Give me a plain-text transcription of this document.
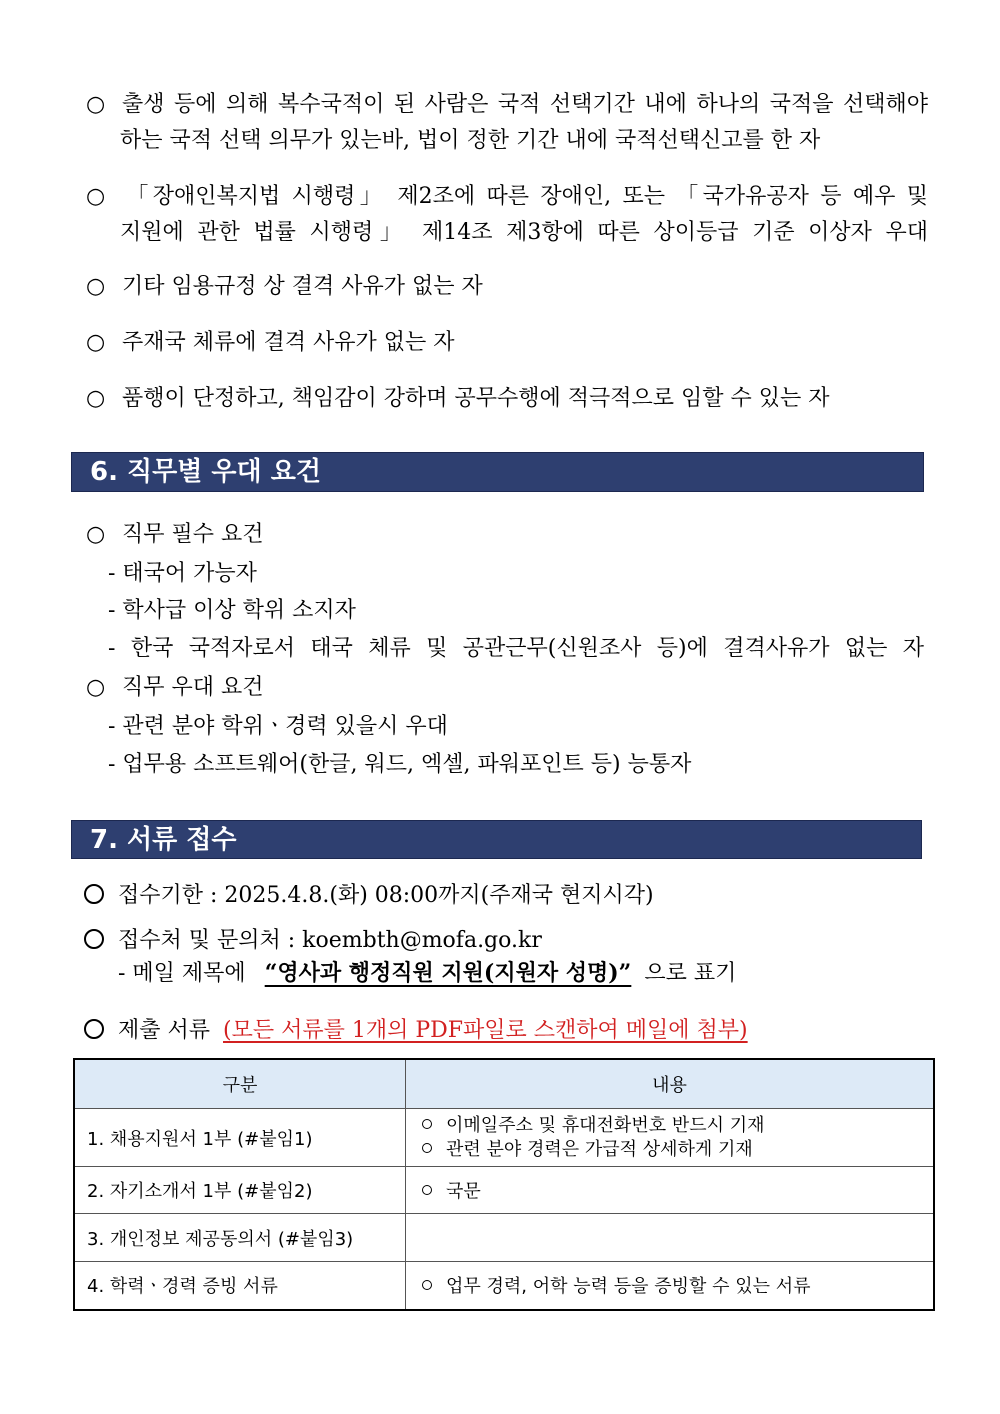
○ 출생 등에 의해 복수국적이 된 사람은 국적 선택기간 내에 하나의 국적을 선택해야
하는 국적 선택 의무가 있는바, 법이 정한 기간 내에 국적선택신고를 한 자
○ 「장애인복지법 시행령」 제2조에 따른 장애인, 또는 「국가유공자 등 예우 및
지원에 관한 법률 시행령」 제14조 제3항에 따른 상이등급 기준 이상자 우대
○ 기타 임용규정 상 결격 사유가 없는 자
○ 주재국 체류에 결격 사유가 없는 자
○ 품행이 단정하고, 책임감이 강하며 공무수행에 적극적으로 임할 수 있는 자
6. 직무별 우대 요건
○ 직무 필수 요건
- 태국어 가능자
- 학사급 이상 학위 소지자
- 한국 국적자로서 태국 체류 및 공관근무(신원조사 등)에 결격사유가 없는 자
○ 직무 우대 요건
- 관련 분야 학위ㆍ경력 있을시 우대
- 업무용 소프트웨어(한글, 워드, 엑셀, 파워포인트 등) 능통자
7. 서류 접수
접수기한 : 2025.4.8.(화) 08:00까지(주재국 현지시각)
접수처 및 문의처 : koembth@mofa.go.kr
- 메일 제목에 “영사과 행정직원 지원(지원자 성명)” 으로 표기
제출 서류 (모든 서류를 1개의 PDF파일로 스캔하여 메일에 첨부)
구분	내용
1. 채용지원서 1부 (#붙임1)	이메일주소 및 휴대전화번호 반드시 기재
관련 분야 경력은 가급적 상세하게 기재

2. 자기소개서 1부 (#붙임2)	국문
3. 개인정보 제공동의서 (#붙임3)	
4. 학력ㆍ경력 증빙 서류	업무 경력, 어학 능력 등을 증빙할 수 있는 서류
